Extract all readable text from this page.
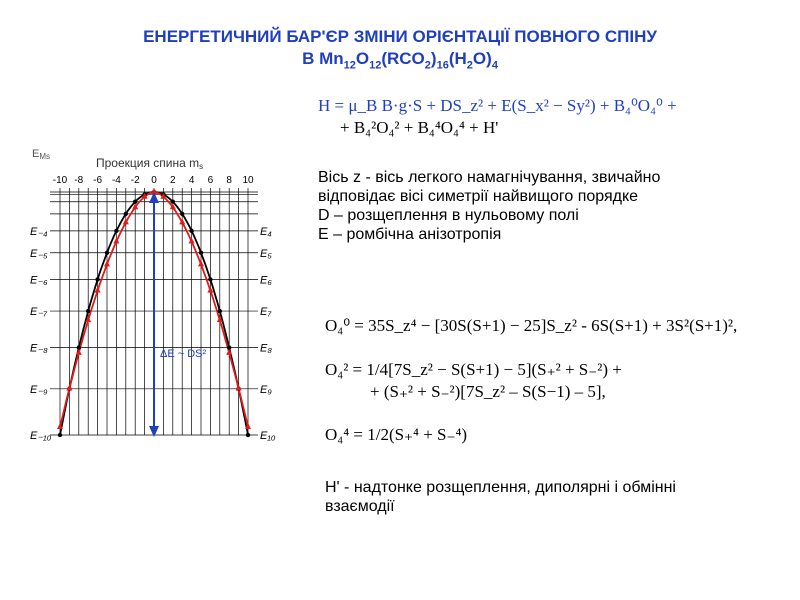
ЕНЕРГЕТИЧНИЙ БАР'ЄР ЗМІНИ ОРІЄНТАЦІЇ ПОВНОГО СПІНУ
В $Mn_{12}O_{12}(RCO_2)_{16}(H_2O)_4$
EMs	Проекция спина ms
-10 -8 -6 -4 -2 0 2 4 6 8 10
E₋₄
E₋₅
E₋₆
E₋₇
E₋₈
E₋₉
E₋₁₀
E₄
E₅
E₆
E₇
E₈
E₉
E₁₀
ΔE ~ DS²
H = μ_B B·g·S + DS_z² + E(S_x² − Sy²) + B₄⁰O₄⁰ +
+ B₄²O₄² + B₄⁴O₄⁴ + H'
Вісь z - вісь легкого намагнічування, звичайно
відповідає вісі симетрії найвищого порядке
D – розщеплення в нульовому полі
E – ромбічна анізотропія
O₄⁰ = 35S_z⁴ − [30S(S+1) − 25]S_z² - 6S(S+1) + 3S²(S+1)²,
O₄² = 1/4[7S_z² − S(S+1) − 5](S₊² + S₋²) +
+ (S₊² + S₋²)[7S_z² – S(S−1) – 5],
O₄⁴ = 1/2(S₊⁴ + S₋⁴)
H' - надтонке розщеплення, диполярні і обмінні
взаємодії
